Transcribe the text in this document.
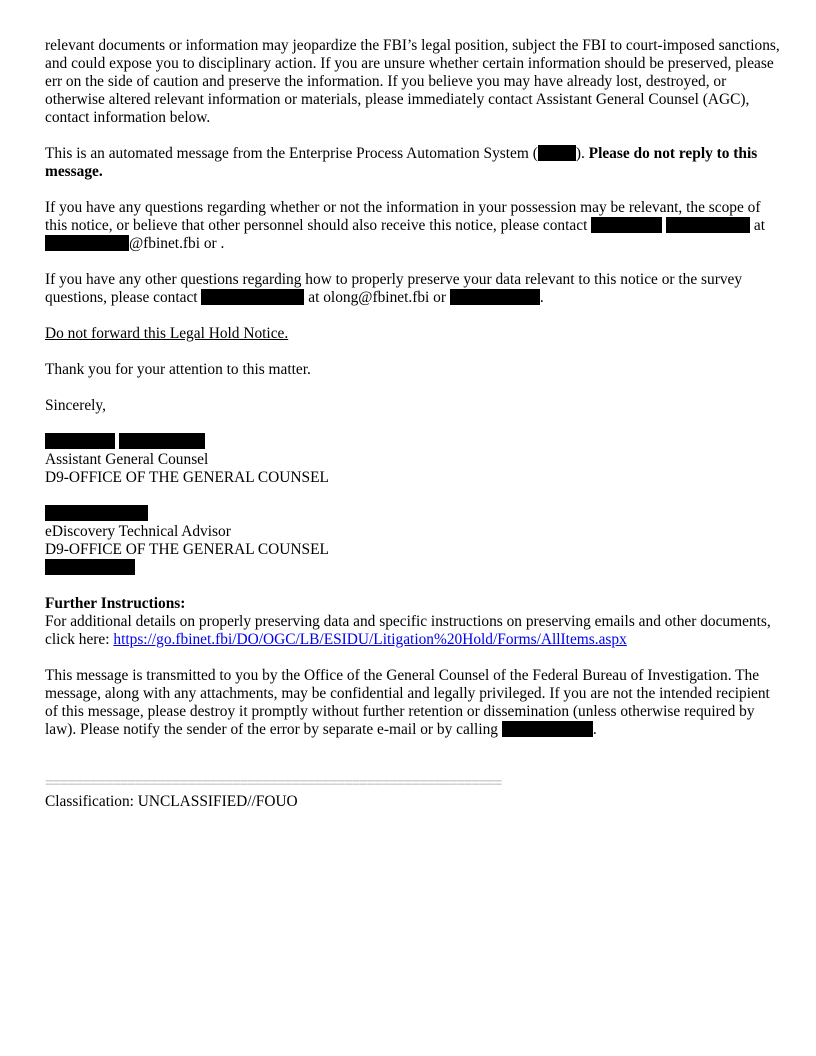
relevant documents or information may jeopardize the FBI’s legal position, subject the FBI to court-imposed sanctions, and could expose you to disciplinary action. If you are unsure whether certain information should be preserved, please err on the side of caution and preserve the information. If you believe you may have already lost, destroyed, or otherwise altered relevant information or materials, please immediately contact Assistant General Counsel (AGC), contact information below.

This is an automated message from the Enterprise Process Automation System ( ). Please do not reply to this message.

If you have any questions regarding whether or not the information in your possession may be relevant, the scope of this notice, or believe that other personnel should also receive this notice, please contact	at@fbinet.fbi or .

If you have any other questions regarding how to properly preserve your data relevant to this notice or the survey questions, please contact	at olong@fbinet.fbi or	.

Do not forward this Legal Hold Notice.

Thank you for your attention to this matter.

Sincerely,

Assistant General Counsel
D9-OFFICE OF THE GENERAL COUNSEL
eDiscovery Technical Advisor
D9-OFFICE OF THE GENERAL COUNSEL

Further Instructions:
For additional details on properly preserving data and specific instructions on preserving emails and other documents, click here: https://go.fbinet.fbi/DO/OGC/LB/ESIDU/Litigation%20Hold/Forms/AllItems.aspx

This message is transmitted to you by the Office of the General Counsel of the Federal Bureau of Investigation. The message, along with any attachments, may be confidential and legally privileged. If you are not the intended recipient of this message, please destroy it promptly without further retention or dissemination (unless otherwise required by law). Please notify the sender of the error by separate e-mail or by calling	.

=============================================================
Classification: UNCLASSIFIED//FOUO
